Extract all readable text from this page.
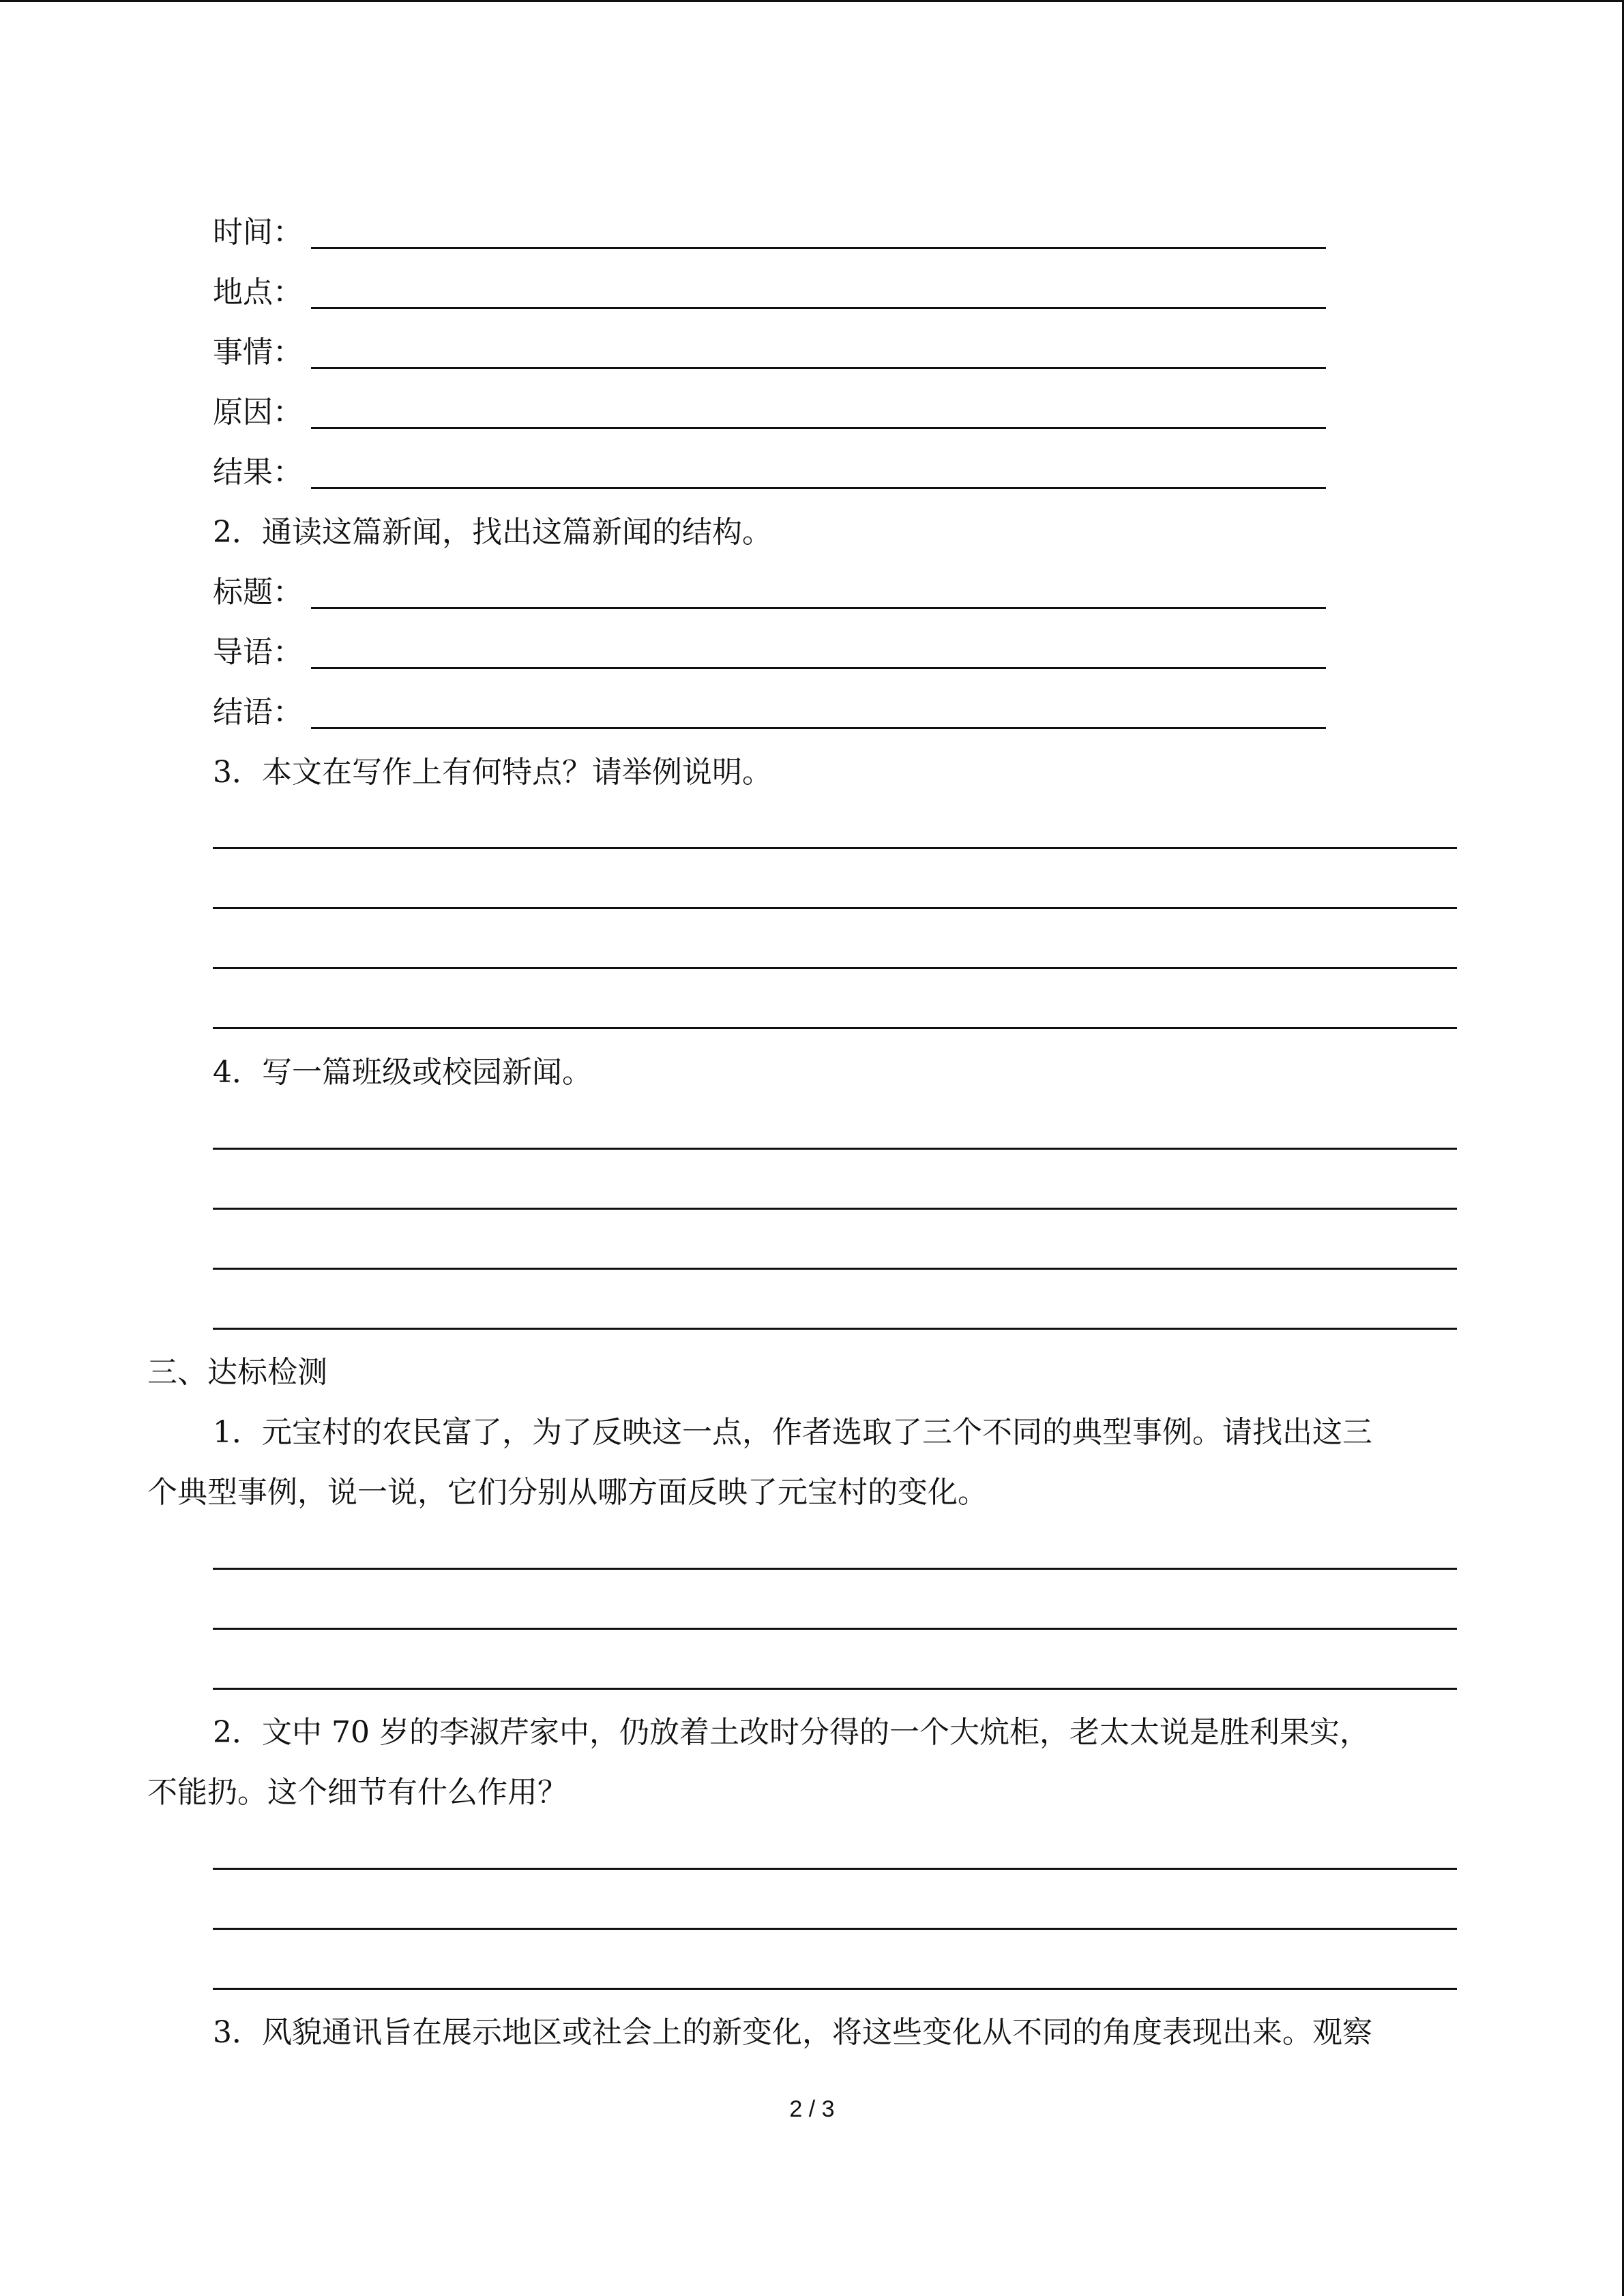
时间：
地点：
事情：
原因：
结果：
2．通读这篇新闻，找出这篇新闻的结构。
标题：
导语：
结语：
3．本文在写作上有何特点？请举例说明。
4．写一篇班级或校园新闻。
三、达标检测
1．元宝村的农民富了，为了反映这一点，作者选取了三个不同的典型事例。请找出这三
个典型事例，说一说，它们分别从哪方面反映了元宝村的变化。
2．文中 70 岁的李淑芹家中，仍放着土改时分得的一个大炕柜，老太太说是胜利果实，
不能扔。这个细节有什么作用？
3．风貌通讯旨在展示地区或社会上的新变化，将这些变化从不同的角度表现出来。观察
2 / 3
